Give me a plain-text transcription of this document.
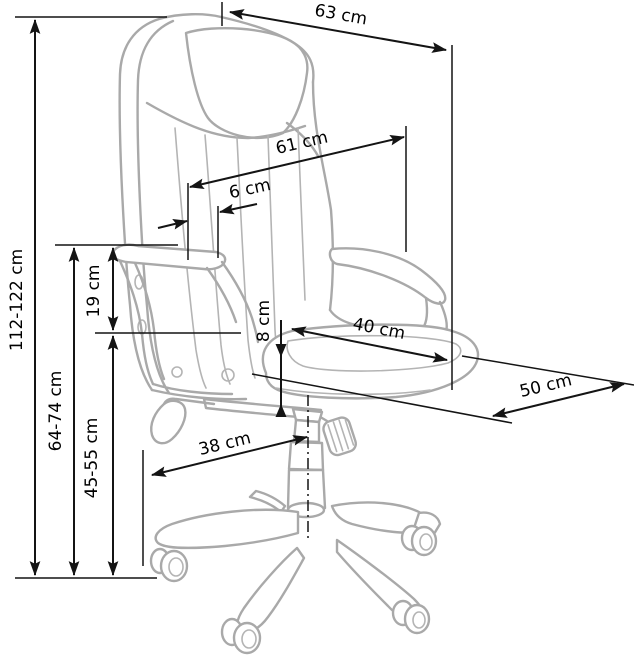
112-122 cm
64-74 cm
19 cm
45-55 cm
63 cm
61 cm
6 cm
8 cm	40 cm
50 cm
38 cm
